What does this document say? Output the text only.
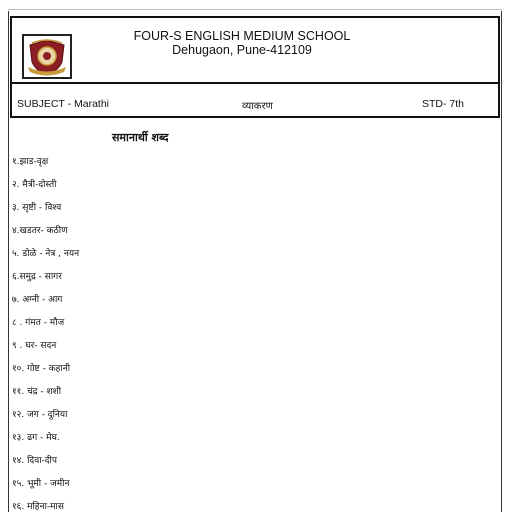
FOUR-S ENGLISH MEDIUM SCHOOL
Dehugaon, Pune-412109
SUBJECT - Marathi	व्याकरण	STD- 7th
समानार्थी शब्द
१.झाड-वृक्ष
२. मैत्री-दोस्ती
३. सृष्टी - विश्व
४.खडतर- कठीण
५. डोळे - नेत्र , नयन
६.समुद्र - सागर
७. अग्नी - आग
८ . गंमत - मौज
९ . घर- सदन
१०. गोष्ट - कहानी
११. चंद्र - शशी
१२. जग - दुनिया
१३. ढग - मेघ.
१४. दिवा-दीप
१५. भूमी - जमीन
१६. महिना-मास
